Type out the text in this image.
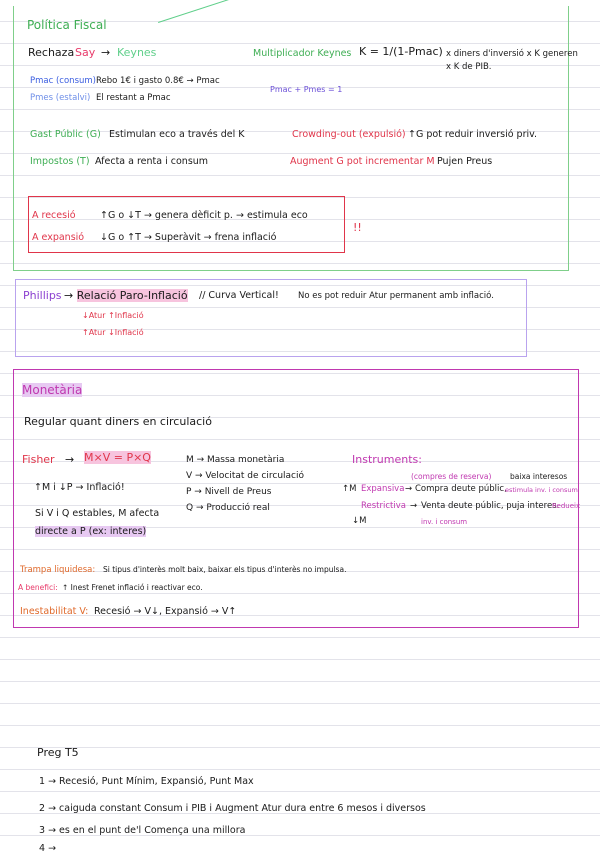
Política Fiscal
Rechaza Say → Keynes	Multiplicador Keynes K = 1/(1-Pmac) x diners d'inversió x K generen
x K de PIB.
Pmac (consum) Rebo 1€ i gasto 0.8€ → Pmac
Pmes (estalvi) El restant a Pmac
Pmac + Pmes = 1
Gast Públic (G) Estimulan eco a través del K	Crowding-out (expulsió) ↑G pot reduir inversió priv.
Impostos (T) Afecta a renta i consum	Augment G pot incrementar M Pujen Preus
A recesió	↑G o ↓T → genera dèficit p. → estimula eco
A expansió ↓G o ↑T → Superàvit → frena inflació
!!
Phillips → Relació Paro-Inflació // Curva Vertical! No es pot reduir Atur permanent amb inflació.
↓Atur ↑Inflació
↑Atur ↓Inflació
Monetària
Regular quant diners en circulació
Fisher → M×V = P×Q
↑M i ↓P → Inflació!
Si V i Q estables, M afecta
directe a P (ex: interes)
M → Massa monetària
V → Velocitat de circulació
P → Nivell de Preus
Q → Producció real
Instruments:
(compres de reserva) baixa interesos
↑M Expansiva → Compra deute públic,
estimula inv. i consum
Restrictiva → Venta deute públic, puja interes.
Redueix
↓M	inv. i consum
Trampa liquidesa: Si tipus d'interès molt baix, baixar els tipus d'interès no impulsa.
A benefici: ↑ Inest Frenet inflació i reactivar eco.
Inestabilitat V: Recesió → V↓, Expansió → V↑
Preg T5
1 → Recesió, Punt Mínim, Expansió, Punt Max
2 → caiguda constant Consum i PIB i Augment Atur dura entre 6 mesos i diversos
3 → es en el punt de'l Comença una millora
4 →
